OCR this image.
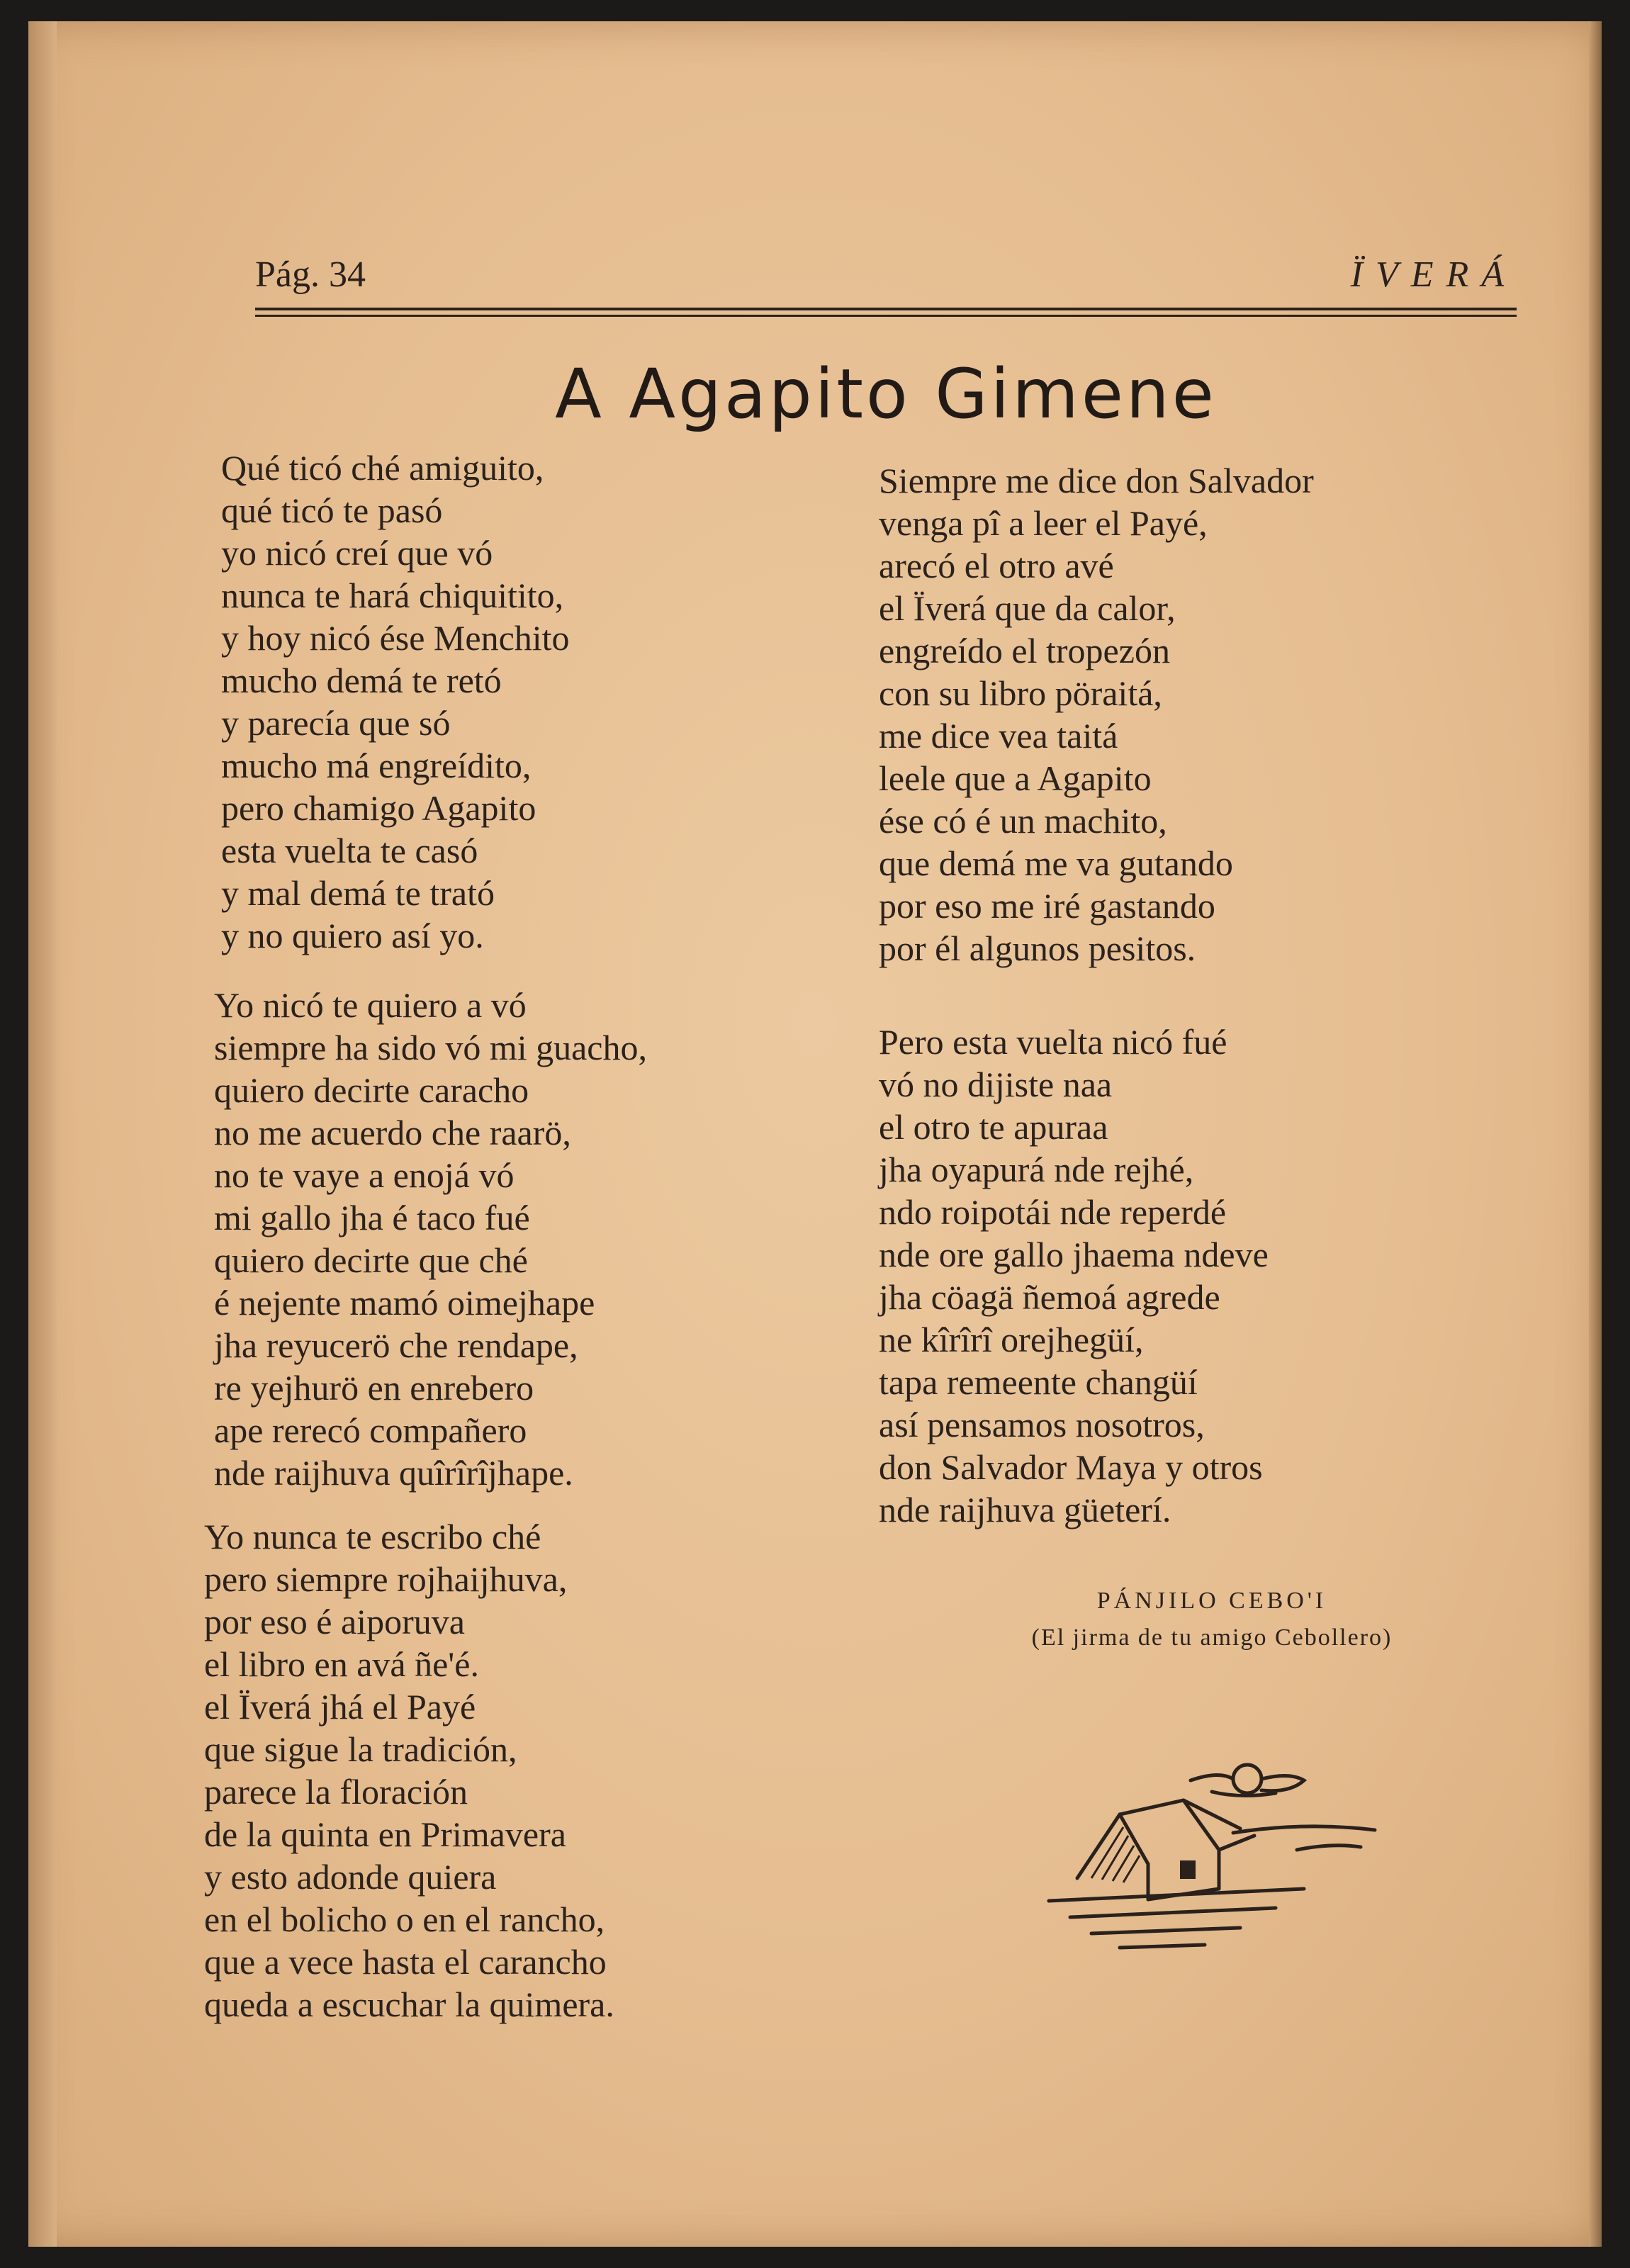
Pág. 34	ÏVERÁ
A Agapito Gimene
Qué ticó ché amiguito,
qué ticó te pasó
yo nicó creí que vó
nunca te hará chiquitito,
y hoy nicó ése Menchito
mucho demá te retó
y parecía que só
mucho má engreídito,
pero chamigo Agapito
esta vuelta te casó
y mal demá te trató
y no quiero así yo.
Yo nicó te quiero a vó
siempre ha sido vó mi guacho,
quiero decirte caracho
no me acuerdo che raarö,
no te vaye a enojá vó
mi gallo jha é taco fué
quiero decirte que ché
é nejente mamó oimejhape
jha reyucerö che rendape,
re yejhurö en enrebero
ape rerecó compañero
nde raijhuva quîrîrîjhape.
Yo nunca te escribo ché
pero siempre rojhaijhuva,
por eso é aiporuva
el libro en avá ñe'é.
el Ïverá jhá el Payé
que sigue la tradición,
parece la floración
de la quinta en Primavera
y esto adonde quiera
en el bolicho o en el rancho,
que a vece hasta el carancho
queda a escuchar la quimera.
Siempre me dice don Salvador
venga pî a leer el Payé,
arecó el otro avé
el Ïverá que da calor,
engreído el tropezón
con su libro pöraitá,
me dice vea taitá
leele que a Agapito
ése có é un machito,
que demá me va gutando
por eso me iré gastando
por él algunos pesitos.
Pero esta vuelta nicó fué
vó no dijiste naa
el otro te apuraa
jha oyapurá nde rejhé,
ndo roipotái nde reperdé
nde ore gallo jhaema ndeve
jha cöagä ñemoá agrede
ne kîrîrî orejhegüí,
tapa remeente changüí
así pensamos nosotros,
don Salvador Maya y otros
nde raijhuva güeterí.
PÁNJILO CEBO'I
(El jirma de tu amigo Cebollero)
